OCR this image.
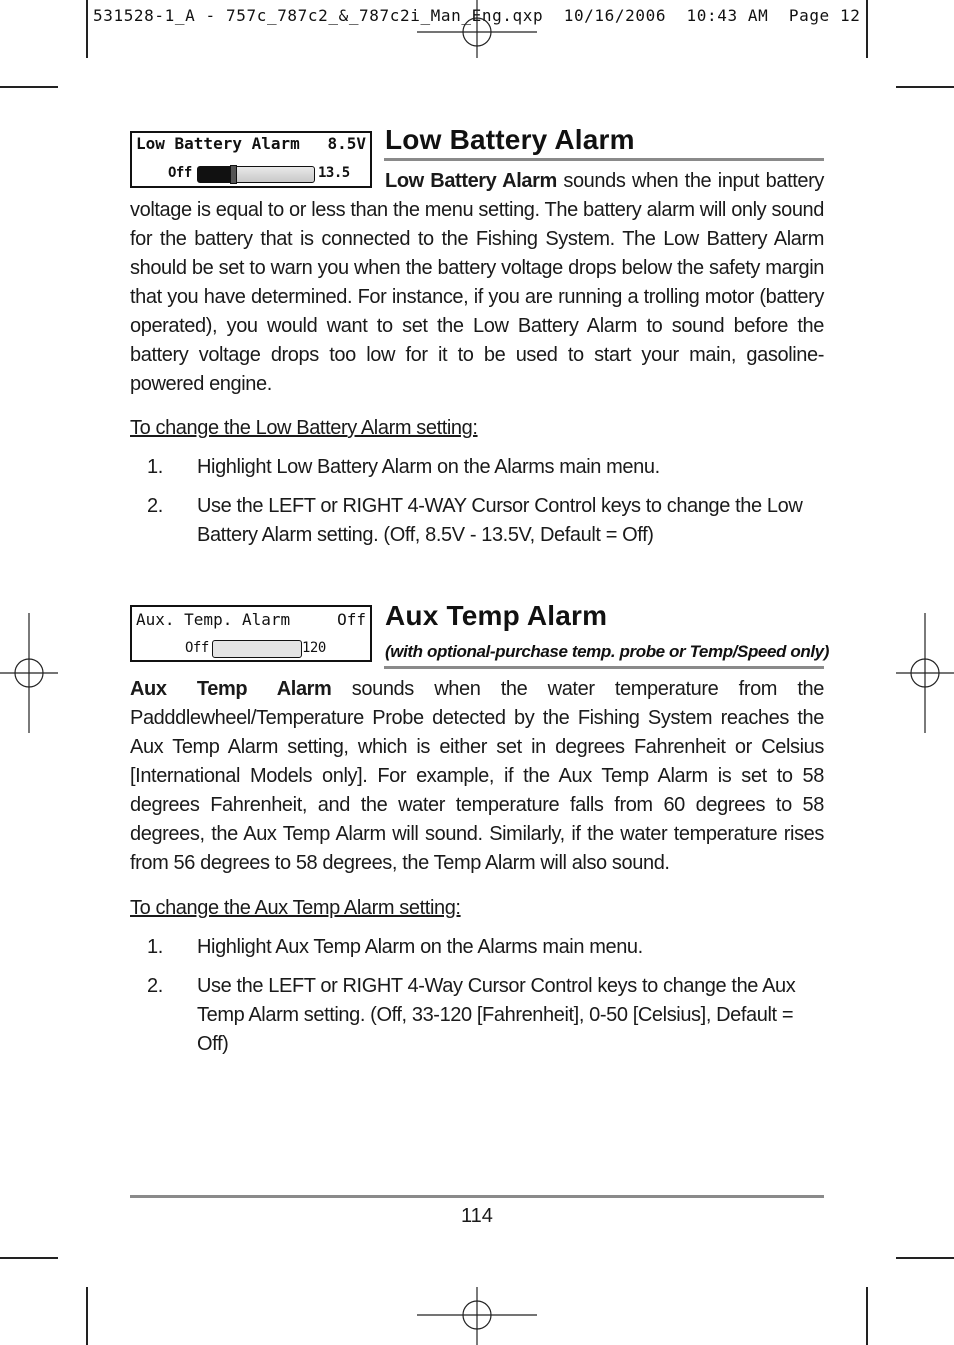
531528-1_A - 757c_787c2_&_787c2i_Man_Eng.qxp 10/16/2006 10:43 AM Page 12
Low Battery Alarm 8.5V
Off	13.5
Low Battery Alarm

Low Battery Alarm sounds when the input battery voltage is equal to or less than the menu setting. The battery alarm will only sound for the battery that is connected to the Fishing System. The Low Battery Alarm should be set to warn you when the battery voltage drops below the safety margin that you have determined. For instance, if you are running a trolling motor (battery operated), you would want to set the Low Battery Alarm to sound before the battery voltage drops too low for it to be used to start your main, gasoline-powered engine.

To change the Low Battery Alarm setting:
1. Highlight Low Battery Alarm on the Alarms main menu.
2. Use the LEFT or RIGHT 4-WAY Cursor Control keys to change the Low
Battery Alarm setting. (Off, 8.5V - 13.5V, Default = Off)
Aux. Temp. Alarm	Off
Off	120
Aux Temp Alarm
(with optional-purchase temp. probe or Temp/Speed only)

Aux Temp Alarm sounds when the water temperature from the Padddlewheel/Temperature Probe detected by the Fishing System reaches the Aux Temp Alarm setting, which is either set in degrees Fahrenheit or Celsius [International Models only]. For example, if the Aux Temp Alarm is set to 58 degrees Fahrenheit, and the water temperature falls from 60 degrees to 58 degrees, the Aux Temp Alarm will sound. Similarly, if the water temperature rises from 56 degrees to 58 degrees, the Temp Alarm will also sound.

To change the Aux Temp Alarm setting:
1. Highlight Aux Temp Alarm on the Alarms main menu.
2. Use the LEFT or RIGHT 4-Way Cursor Control keys to change the Aux
Temp Alarm setting. (Off, 33-120 [Fahrenheit], 0-50 [Celsius], Default =
Off)
114
